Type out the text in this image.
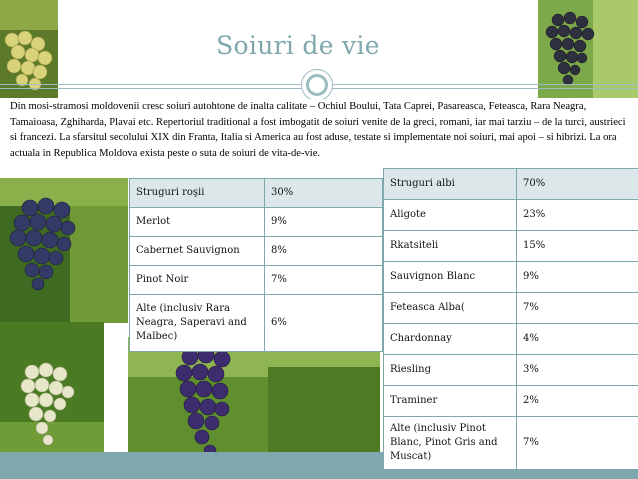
Soiuri de vie
Din mosi-stramosi moldovenii cresc soiuri autohtone de inalta calitate – Ochiul Boului, Tata Caprei, Pasareasca, Feteasca, Rara Neagra, Tamaioasa, Zghiharda, Plavai etc. Repertoriul traditional a fost imbogatit de soiuri venite de la greci, romani, iar mai tarziu – de la turci, austrieci si francezi. La sfarsitul secolului XIX din Franta, Italia si America au fost aduse, testate si implementate noi soiuri, mai apoi – si hibrizi. La ora actuala in Republica Moldova exista peste o suta de soiuri de vita-de-vie.
Struguri roşii	30%
Merlot	9%
Cabernet Sauvignon	8%
Pinot Noir	7%
Alte (inclusiv Rara Neagra, Saperavi and Malbec)	6%
Struguri albi	70%
Aligote	23%
Rkatsiteli	15%
Sauvignon Blanc	9%
Feteasca Alba(	7%
Chardonnay	4%
Riesling	3%
Traminer	2%
Alte (inclusiv Pinot Blanc, Pinot Gris and Muscat)	7%
